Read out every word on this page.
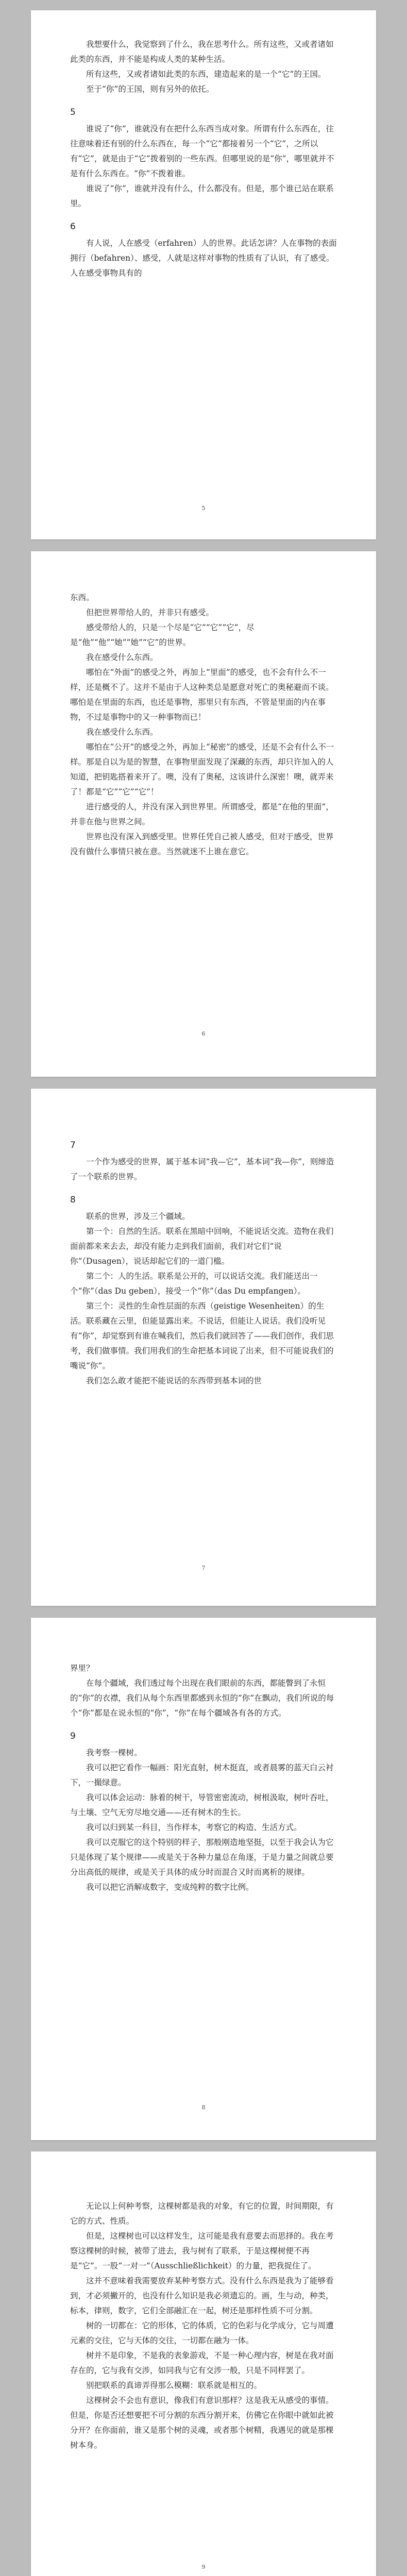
我想要什么，我觉察到了什么，我在思考什么。所有这些，又或者诸如此类的东西，并不能是构成人类的某种生活。

所有这些，又或者诸如此类的东西，建造起来的是一个“它”的王国。

至于“你”的王国，则有另外的依托。

5

谁说了“你”，谁就没有在把什么东西当成对象。所谓有什么东西在，往往意味着还有别的什么东西在，每一个“它”都接着另一个“它”，之所以有“它”，就是由于“它”拨着别的一些东西。但哪里说的是“你”，哪里就并不是有什么东西在。“你”不拨着谁。

谁说了“你”，谁就并没有什么，什么都没有。但是，那个谁已站在联系里。

6

有人说，人在感受（erfahren）人的世界。此话怎讲？人在事物的表面拥行（befahren）、感受，人就是这样对事物的性质有了认识，有了感受。人在感受事物具有的

5

东西。

但把世界带给人的，并非只有感受。

感受带给人的，只是一个尽是“它”“它”“它”，尽是“他”“他”“她”“她”“它”的世界。

我在感受什么东西。

哪怕在“外面”的感受之外，再加上“里面”的感受，也不会有什么不一样，还是概不了。这并不是由于人这种类总是愿意对死亡的奥秘避而不谈。哪怕是在里面的东西，也还是事物，那里只有东西，不管是里面的内在事物，不过是事物中的又一种事物而已！

我在感受什么东西。

哪怕在“公开”的感受之外，再加上“秘密”的感受，还是不会有什么不一样。那是自以为是的智慧，在事物里面发现了深藏的东西，却只许加入的人知道，把钥匙搭着来开了。噢，没有了奥秘，这该讲什么深密！噢，就弄来了！都是“它”“它”“它”！

进行感受的人，并没有深入到世界里。所谓感受，都是“在他的里面”，并非在他与世界之间。

世界也没有深入到感受里。世界任凭自己被人感受，但对于感受，世界没有做什么事情只被在意。当然就迷不上谁在意它。

6
7

一个作为感受的世界，属于基本词“我—它”，基本词“我—你”，则缔造了一个联系的世界。

8

联系的世界，涉及三个疆域。

第一个：自然的生活。联系在黑暗中回响，不能说话交流。造物在我们面前都来来去去，却没有能力走到我们面前，我们对它们“说你”（Dusagen），说话却起它们的一道门槛。

第二个：人的生活。联系是公开的，可以说话交流。我们能送出一个“你”（das Du geben），接受一个“你”（das Du empfangen）。

第三个：灵性的生命性层面的东西（geistige Wesenheiten）的生活。联系藏在云里，但能显露出来。不说话，但能让人说话。我们没听见有“你”，却觉察到有谁在喊我们，然后我们就回答了——我们创作，我们思考，我们做事情。我们用我们的生命把基本词说了出来，但不可能说我们的嘴说“你”。

我们怎么敢才能把不能说话的东西带到基本词的世

7

界里？

在每个疆域，我们透过每个出现在我们眼前的东西，都能瞥到了永恒的“你”的衣襟，我们从每个东西里都感到永恒的“你”在飘动，我们所说的每个“你”都是在说永恒的“你”，“你”在每个疆域各有各的方式。

9

我考察一棵树。

我可以把它看作一幅画：阳光直射，树木挺直，或者晨雾的蓝天白云衬下，一撮绿意。

我可以体会运动：脉着的树干，导管密密流动，树根汲取，树叶吞吐，与土壤、空气无穷尽地交通——还有树木的生长。

我可以归到某一科目，当作样本，考察它的构造、生活方式。

我可以克服它的这个特别的样子，那般刚造地坚挺，以至于我会认为它只是体现了某个规律——或是关于各种力量总在角逐，于是力量之间就总要分出高低的规律，或是关于具体的成分时而混合又时而离析的规律。

我可以把它消解成数字，变成纯粹的数字比例。

8

无论以上何种考察，这棵树都是我的对象，有它的位置，时间期限，有它的方式、性质。

但是，这棵树也可以这样发生，这可能是我有意要去而思择的。我在考察这棵树的时候，被带了进去，我与树有了联系，于是这棵树便不再是“它”。一股“一对一”（Ausschließlichkeit）的力量，把我捉住了。

这并不意味着我需要放弃某种考察方式。没有什么东西是我为了能够看到，才必须撇开的，也没有什么知识是我必须遗忘的。画，生与动，种类，标本，律则，数字，它们全部融汇在一起，树还是那样性质不可分割。

树的一切都在：它的形体，它的体质，它的色彩与化学成分，它与周遭元素的交往，它与天体的交往，一切都在融为一体。

树并不是印象，不是我的表象游戏，不是一种心理内容，树是在我对面存在的，它与我有交涉，如同我与它有交涉一般，只是不同样罢了。

别把联系的真谛弄得那么模糊：联系就是相互的。

这棵树会不会也有意识，像我们有意识那样？这是我无从感受的事情。但是，你是否还想要把不可分割的东西分割开来，仿佛它在你眼中就如此被分开？在你面前，谁又是那个树的灵魂，或者那个树精，我遇见的就是那棵树本身。

9
